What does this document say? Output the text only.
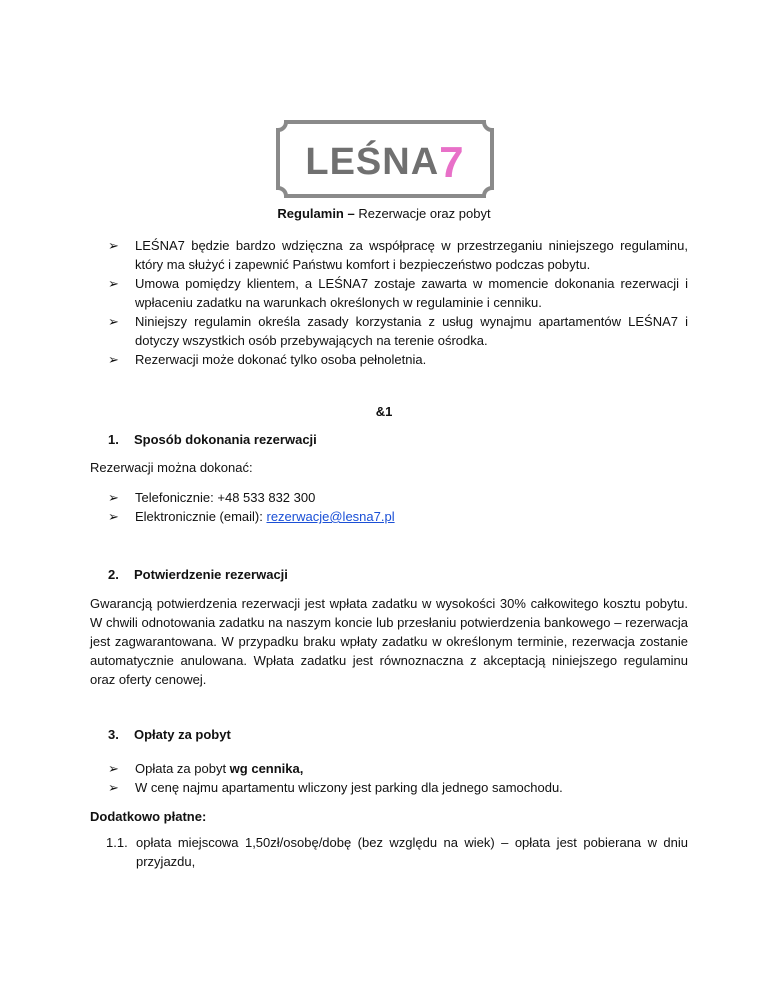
LEŚNA 7
Regulamin – Rezerwacje oraz pobyt
➢	LEŚNA7 będzie bardzo wdzięczna za współpracę w przestrzeganiu niniejszego regulaminu, który ma służyć i zapewnić Państwu komfort i bezpieczeństwo podczas pobytu.
➢	Umowa pomiędzy klientem, a LEŚNA7 zostaje zawarta w momencie dokonania rezerwacji i wpłaceniu zadatku na warunkach określonych w regulaminie i cenniku.
➢	Niniejszy regulamin określa zasady korzystania z usług wynajmu apartamentów LEŚNA7 i dotyczy wszystkich osób przebywających na terenie ośrodka.
➢	Rezerwacji może dokonać tylko osoba pełnoletnia.
&1
1. Sposób dokonania rezerwacji
Rezerwacji można dokonać:
➢	Telefonicznie: +48 533 832 300
➢	Elektronicznie (email): rezerwacje@lesna7.pl
2. Potwierdzenie rezerwacji
Gwarancją potwierdzenia rezerwacji jest wpłata zadatku w wysokości 30% całkowitego kosztu pobytu. W chwili odnotowania zadatku na naszym koncie lub przesłaniu potwierdzenia bankowego – rezerwacja jest zagwarantowana. W przypadku braku wpłaty zadatku w określonym terminie, rezerwacja zostanie automatycznie anulowana. Wpłata zadatku jest równoznaczna z akceptacją niniejszego regulaminu oraz oferty cenowej.
3. Opłaty za pobyt
➢	Opłata za pobyt wg cennika,
➢	W cenę najmu apartamentu wliczony jest parking dla jednego samochodu.
Dodatkowo płatne:
1.1. opłata miejscowa 1,50zł/osobę/dobę (bez względu na wiek) – opłata jest pobierana w dniu przyjazdu,
